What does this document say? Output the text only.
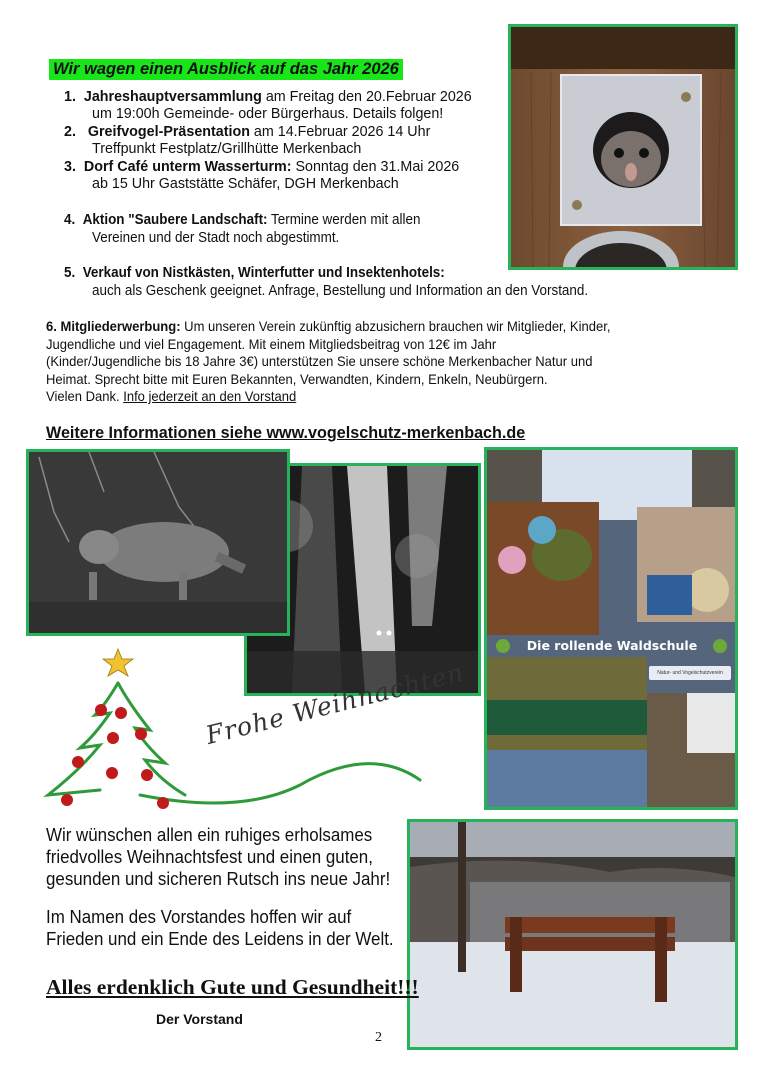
Wir wagen einen Ausblick auf das Jahr 2026
1. Jahreshauptversammlung am Freitag den 20.Februar 2026
um 19:00h Gemeinde- oder Bürgerhaus. Details folgen!
2. Greifvogel-Präsentation am 14.Februar 2026 14 Uhr
Treffpunkt Festplatz/Grillhütte Merkenbach
3. Dorf Café unterm Wasserturm: Sonntag den 31.Mai 2026
ab 15 Uhr Gaststätte Schäfer, DGH Merkenbach
4. Aktion "Saubere Landschaft: Termine werden mit allen
Vereinen und der Stadt noch abgestimmt.
5. Verkauf von Nistkästen, Winterfutter und Insektenhotels:
auch als Geschenk geeignet. Anfrage, Bestellung und Information an den Vorstand.
6. Mitgliederwerbung: Um unseren Verein zukünftig abzusichern brauchen wir Mitglieder, Kinder,
Jugendliche und viel Engagement. Mit einem Mitgliedsbeitrag von 12€ im Jahr
(Kinder/Jugendliche bis 18 Jahre 3€) unterstützen Sie unsere schöne Merkenbacher Natur und
Heimat. Sprecht bitte mit Euren Bekannten, Verwandten, Kindern, Enkeln, Neubürgern.
Vielen Dank. Info jederzeit an den Vorstand
Weitere Informationen siehe www.vogelschutz-merkenbach.de
Die rollende Waldschule
Natur- und Vogelschutzverein
Frohe Weihnachten
Wir wünschen allen ein ruhiges erholsames
friedvolles Weihnachtsfest und einen guten,
gesunden und sicheren Rutsch ins neue Jahr!
Im Namen des Vorstandes hoffen wir auf
Frieden und ein Ende des Leidens in der Welt.
Alles erdenklich Gute und Gesundheit!!!
Der Vorstand
2
